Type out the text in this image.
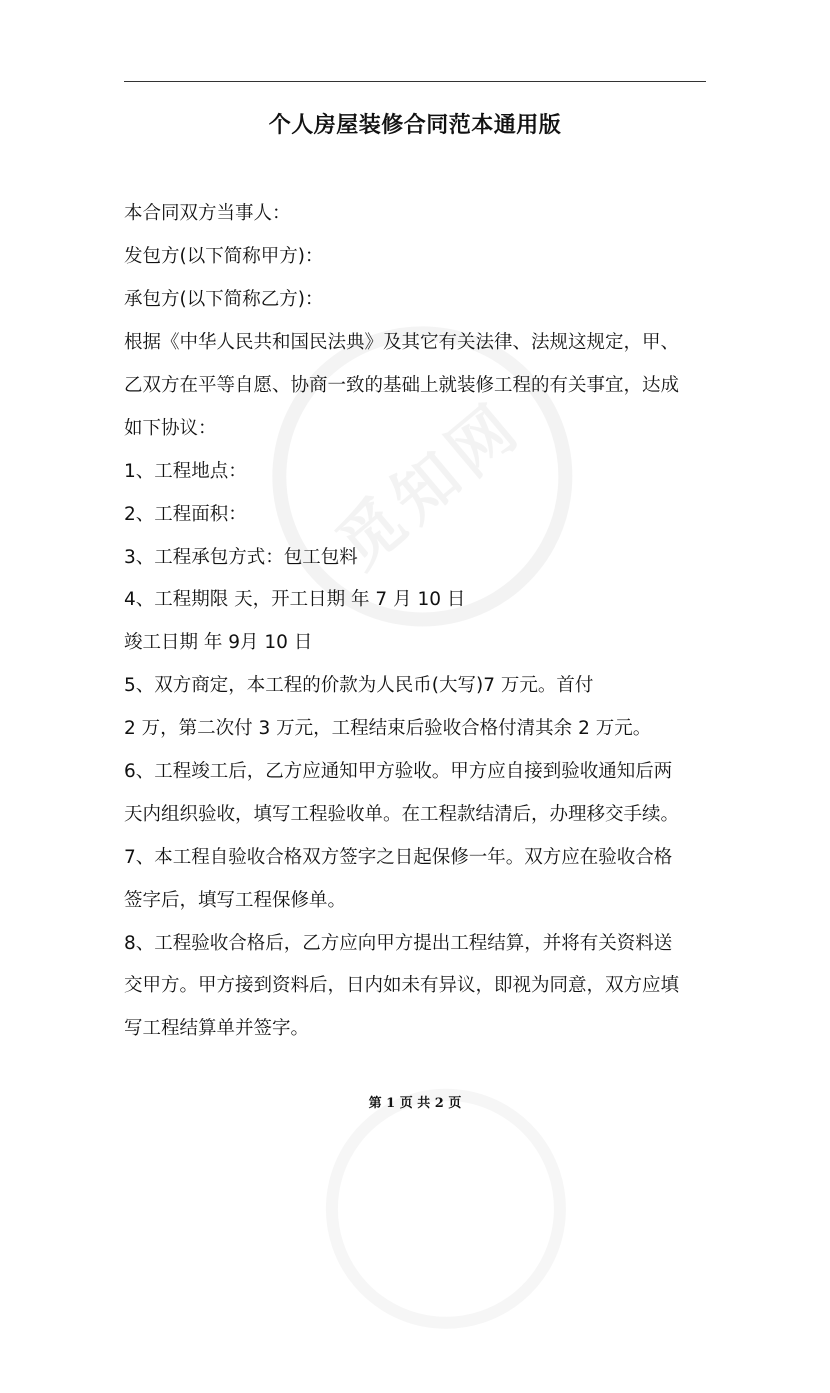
觅知网
个人房屋装修合同范本通用版
本合同双方当事人：
发包方(以下简称甲方)：
承包方(以下简称乙方)：
根据《中华人民共和国民法典》及其它有关法律、法规这规定，甲、
乙双方在平等自愿、协商一致的基础上就装修工程的有关事宜，达成
如下协议：
1、工程地点：
2、工程面积：
3、工程承包方式：包工包料
4、工程期限 天，开工日期 年 7 月 10 日
竣工日期 年 9月 10 日
5、双方商定，本工程的价款为人民币(大写)7 万元。首付
2 万，第二次付 3 万元，工程结束后验收合格付清其余 2 万元。
6、工程竣工后，乙方应通知甲方验收。甲方应自接到验收通知后两
天内组织验收，填写工程验收单。在工程款结清后，办理移交手续。
7、本工程自验收合格双方签字之日起保修一年。双方应在验收合格
签字后，填写工程保修单。
8、工程验收合格后，乙方应向甲方提出工程结算，并将有关资料送
交甲方。甲方接到资料后，日内如未有异议，即视为同意，双方应填
写工程结算单并签字。
第 1 页 共 2 页
